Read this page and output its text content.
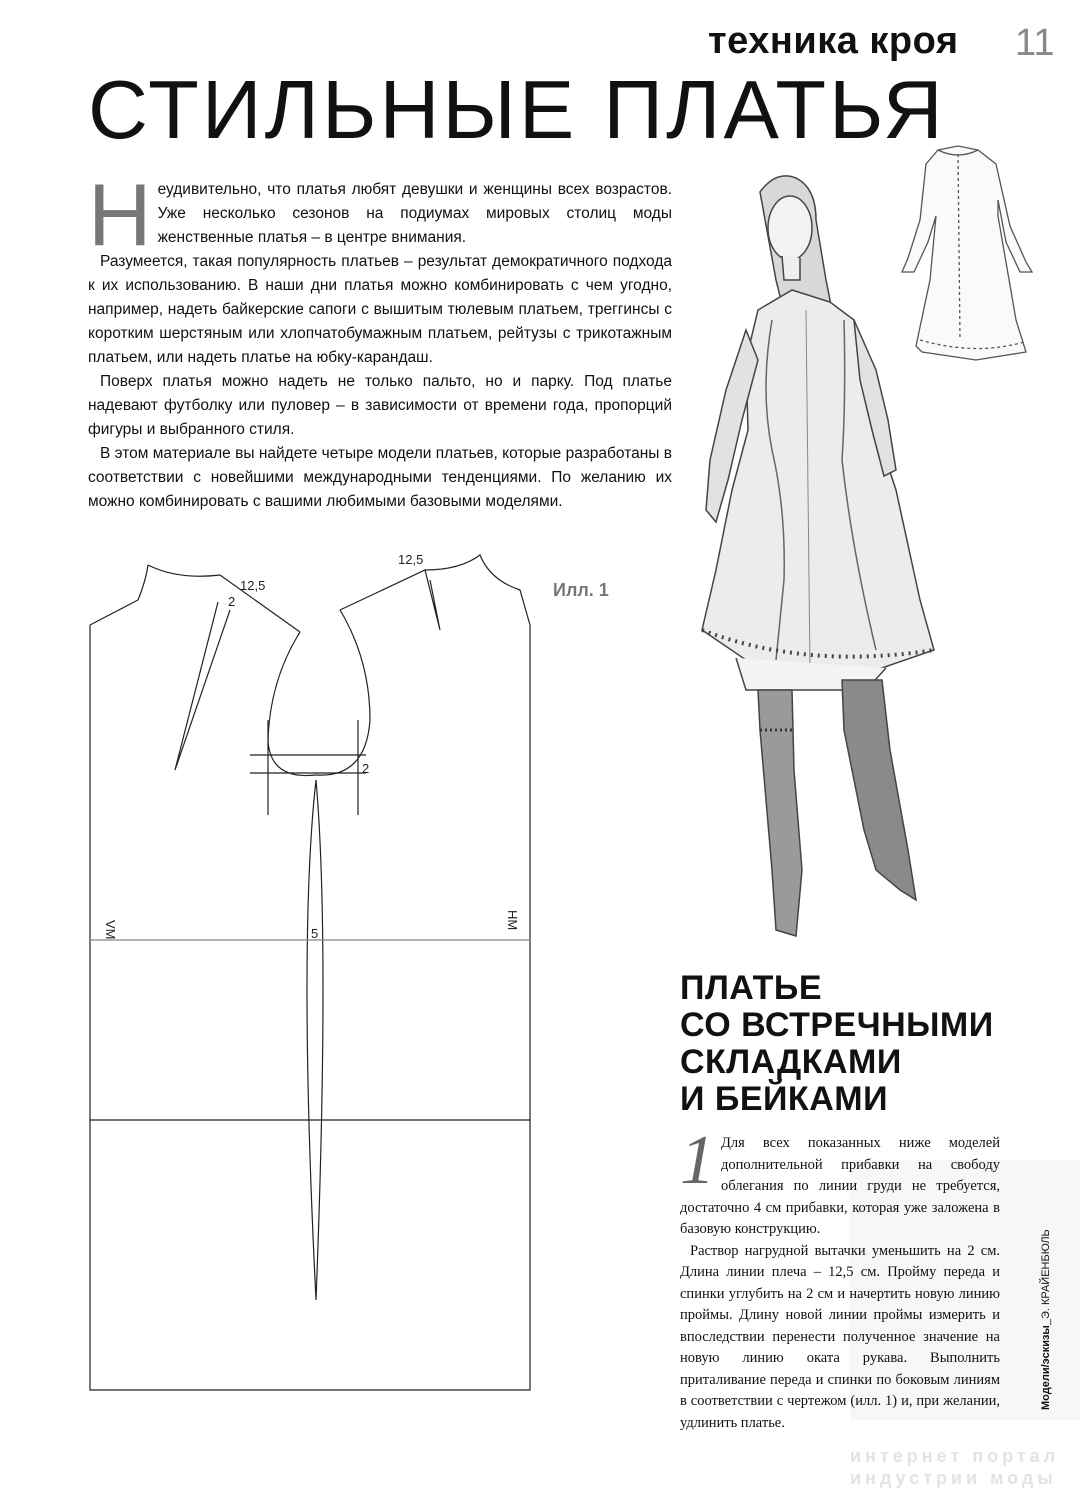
техника кроя 11
СТИЛЬНЫЕ ПЛАТЬЯ

Неудивительно, что платья любят девушки и женщины всех возрастов. Уже несколько сезонов на подиумах мировых столиц моды женственные платья – в центре внимания.

Разумеется, такая популярность платьев – результат демократичного подхода к их использованию. В наши дни платья можно комбинировать с чем угодно, например, надеть байкерские сапоги с вышитым тюлевым платьем, треггинсы с коротким шерстяным или хлопчатобумажным платьем, рейтузы с трикотажным платьем, или надеть платье на юбку-карандаш.

Поверх платья можно надеть не только пальто, но и парку. Под платье надевают футболку или пуловер – в зависимости от времени года, пропорций фигуры и выбранного стиля.

В этом материале вы найдете четыре модели платьев, которые разработаны в соответствии с новейшими международными тенденциями. По желанию их можно комбинировать с вашими любимыми базовыми моделями.

12,5
12,5
2
2
5
VM	HM
Илл. 1
ПЛАТЬЕ
СО ВСТРЕЧНЫМИ
СКЛАДКАМИ
И БЕЙКАМИ

1 Для всех показанных ниже моделей дополнительной прибавки на свободу облегания по линии груди не требуется, достаточно 4 см прибавки, которая уже заложена в базовую конструкцию.

Раствор нагрудной вытачки уменьшить на 2 см. Длина линии плеча – 12,5 см. Пройму переда и спинки углубить на 2 см и начертить новую линию проймы. Длину новой линии проймы измерить и впоследствии перенести полученное значение на новую линию оката рукава. Выполнить приталивание переда и спинки по боковым линиям в соответствии с чертежом (илл. 1) и, при желании, удлинить платье.

Модели/эскизы_Э. КРАЙЕНБЮЛЬ
интернет портал
индустрии моды
